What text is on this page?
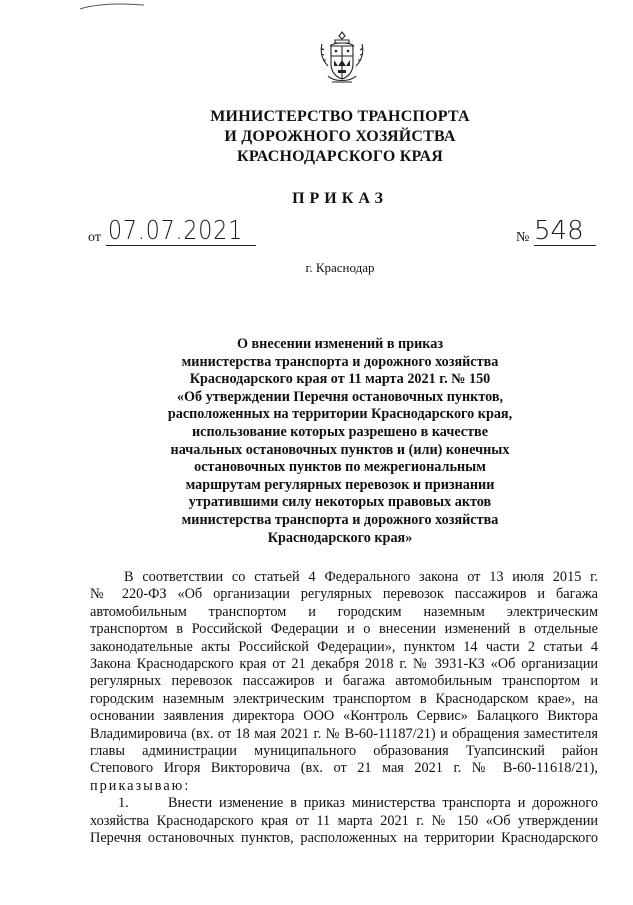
МИНИСТЕРСТВО ТРАНСПОРТА
И ДОРОЖНОГО ХОЗЯЙСТВА
КРАСНОДАРСКОГО КРАЯ
ПРИКАЗ
от 07.07.2021	№ 548
г. Краснодар
О внесении изменений в приказ
министерства транспорта и дорожного хозяйства
Краснодарского края от 11 марта 2021 г. № 150
«Об утверждении Перечня остановочных пунктов,
расположенных на территории Краснодарского края,
использование которых разрешено в качестве
начальных остановочных пунктов и (или) конечных
остановочных пунктов по межрегиональным
маршрутам регулярных перевозок и признании
утратившими силу некоторых правовых актов
министерства транспорта и дорожного хозяйства
Краснодарского края»
В соответствии со статьей 4 Федерального закона от 13 июля 2015 г.
№ 220-ФЗ «Об организации регулярных перевозок пассажиров и багажа
автомобильным транспортом и городским наземным электрическим
транспортом в Российской Федерации и о внесении изменений в отдельные
законодательные акты Российской Федерации», пунктом 14 части 2 статьи 4
Закона Краснодарского края от 21 декабря 2018 г. № 3931-КЗ «Об организации
регулярных перевозок пассажиров и багажа автомобильным транспортом и
городским наземным электрическим транспортом в Краснодарском крае», на
основании заявления директора ООО «Контроль Сервис» Балацкого Виктора
Владимировича (вх. от 18 мая 2021 г. № В-60-11187/21) и обращения заместителя
главы администрации муниципального образования Туапсинский район
Степового Игоря Викторовича (вх. от 21 мая 2021 г. № В-60-11618/21),
приказываю:
1.	Внести изменение в приказ министерства транспорта и дорожного
хозяйства Краснодарского края от 11 марта 2021 г. № 150 «Об утверждении
Перечня остановочных пунктов, расположенных на территории Краснодарского
